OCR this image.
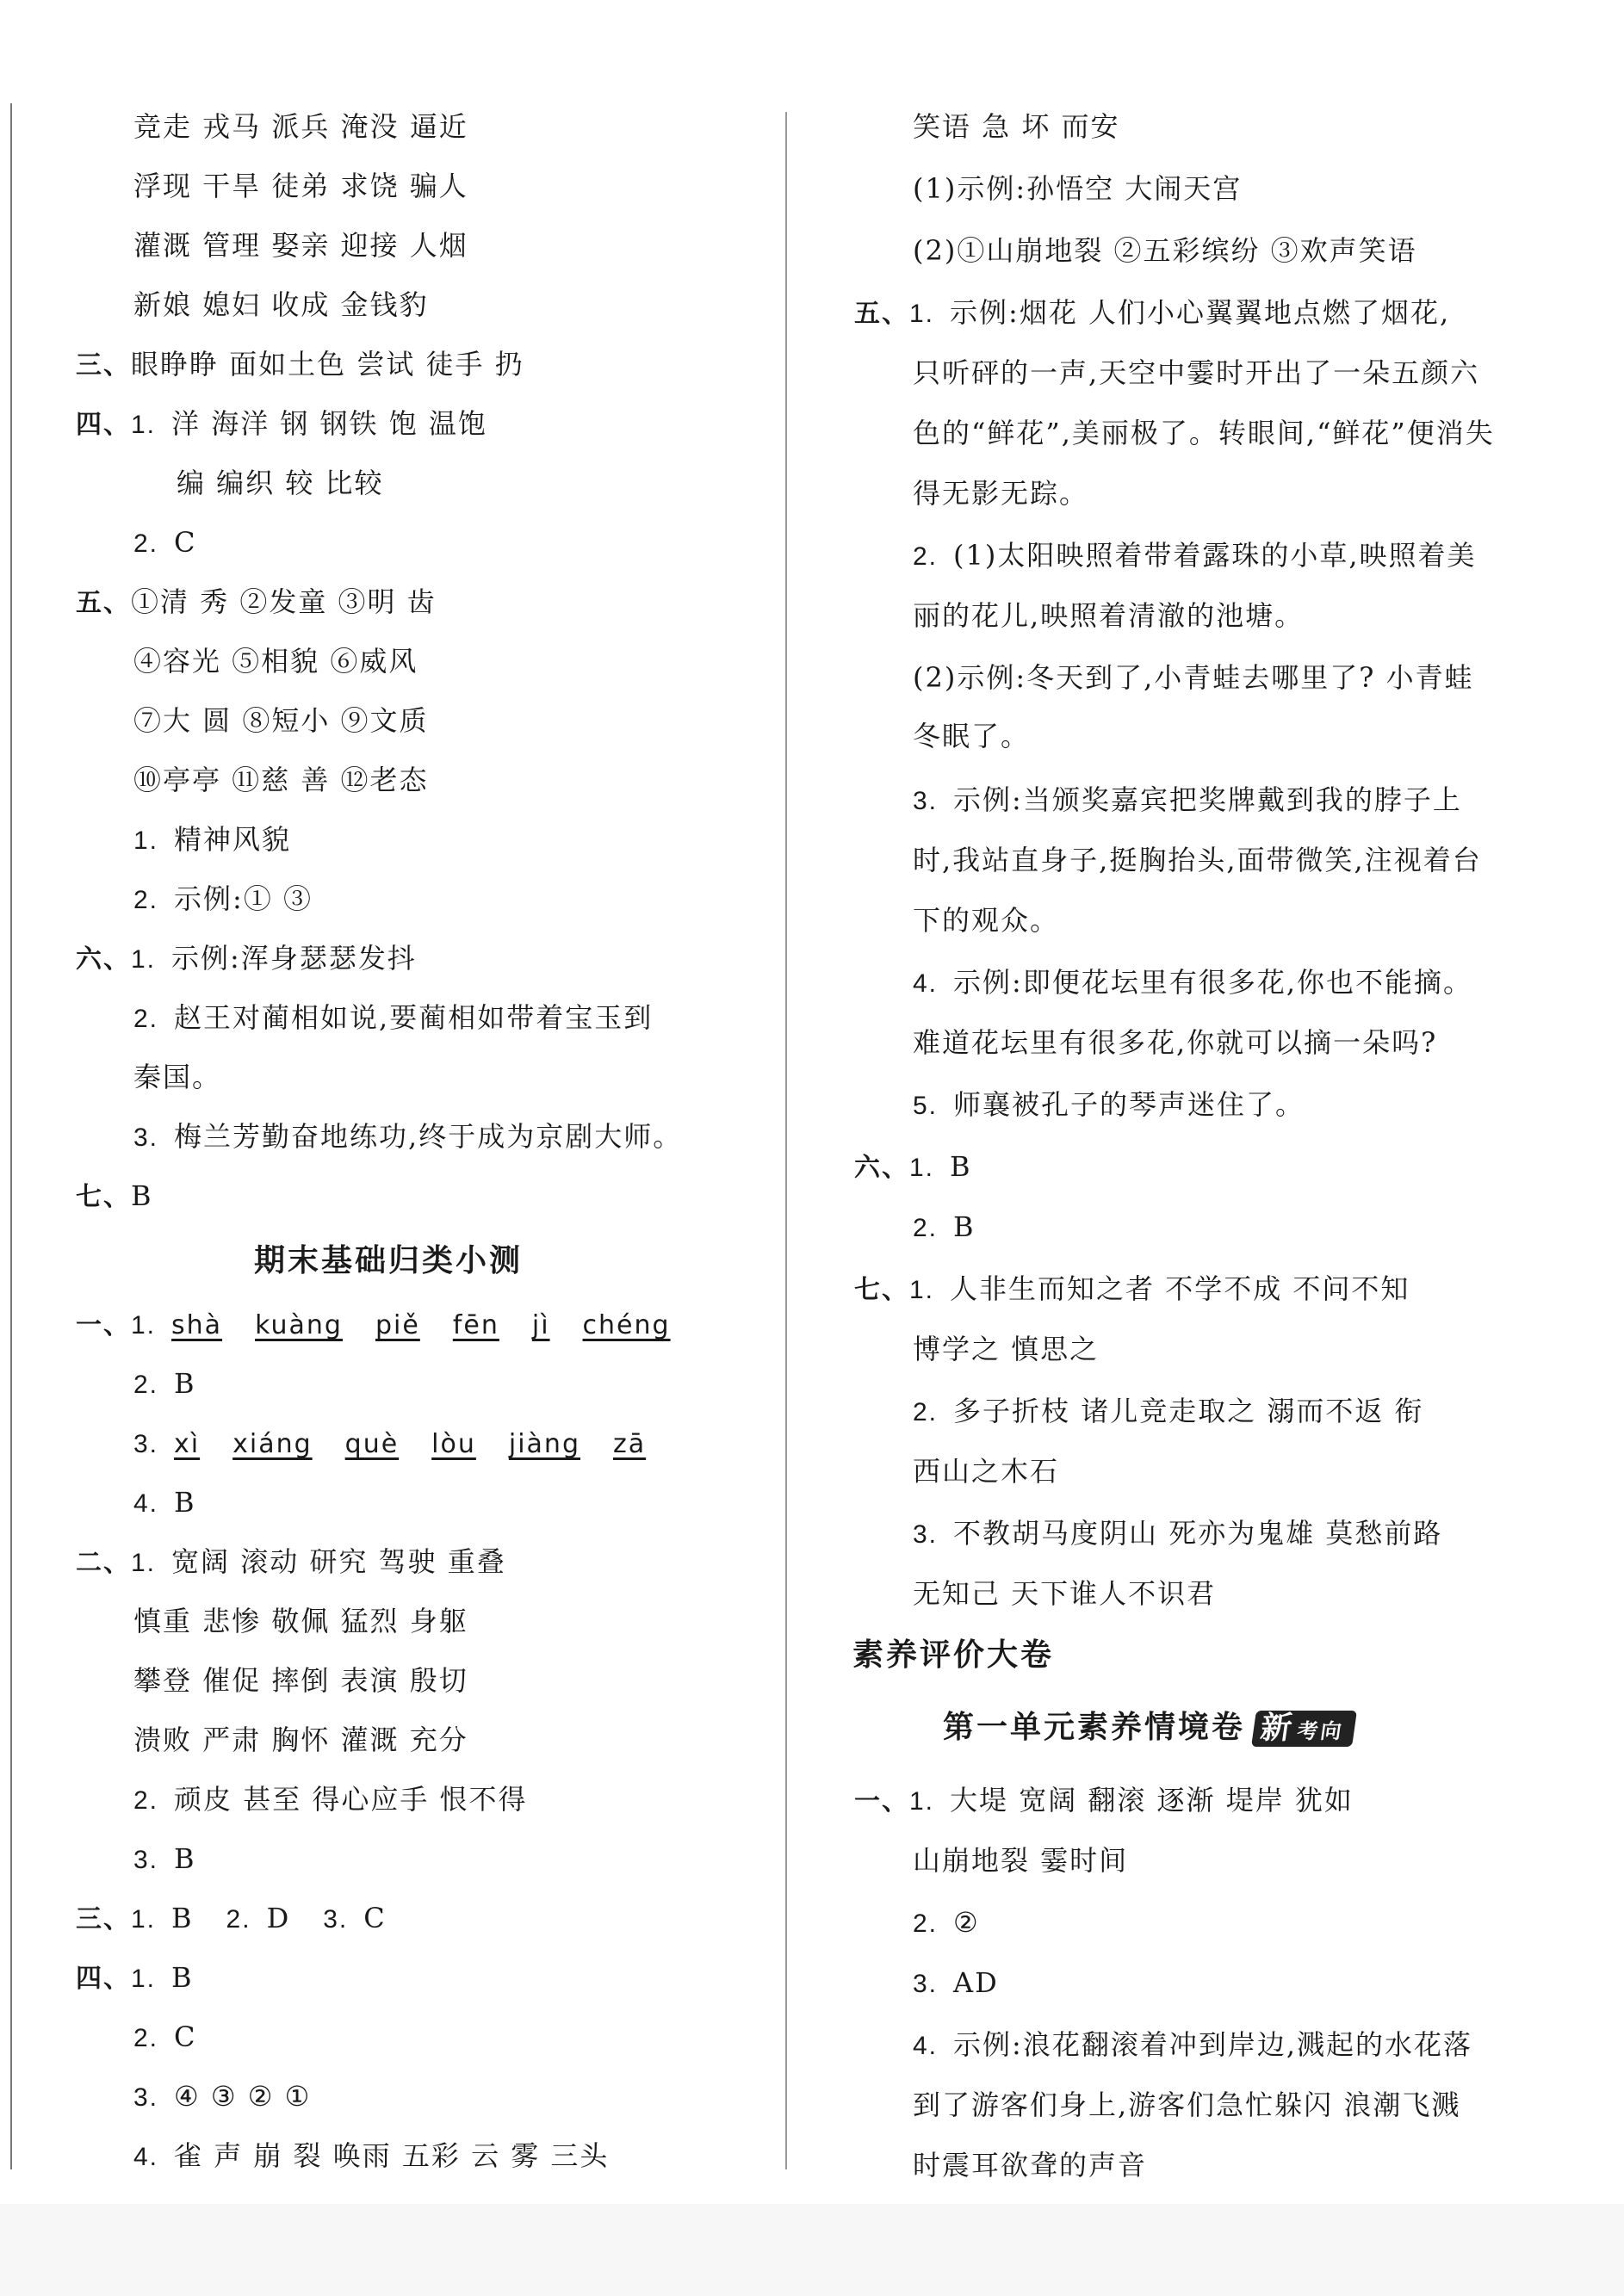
竞走 戎马 派兵 淹没 逼近
浮现 干旱 徒弟 求饶 骗人
灌溉 管理 娶亲 迎接 人烟
新娘 媳妇 收成 金钱豹
三、眼睁睁 面如土色 尝试 徒手 扔
四、1. 洋 海洋 钢 钢铁 饱 温饱
编 编织 较 比较
2. C
五、①清 秀 ②发童 ③明 齿
④容光 ⑤相貌 ⑥威风
⑦大 圆 ⑧短小 ⑨文质
⑩亭亭 ⑪慈 善 ⑫老态
1. 精神风貌
2. 示例:① ③
六、1. 示例:浑身瑟瑟发抖
2. 赵王对蔺相如说,要蔺相如带着宝玉到
秦国。
3. 梅兰芳勤奋地练功,终于成为京剧大师。
七、B
期末基础归类小测
一、1. shà kuàng piě fēn jì chéng
2. B
3. xì xiáng què lòu jiàng zā
4. B
二、1. 宽阔 滚动 研究 驾驶 重叠
慎重 悲惨 敬佩 猛烈 身躯
攀登 催促 摔倒 表演 殷切
溃败 严肃 胸怀 灌溉 充分
2. 顽皮 甚至 得心应手 恨不得
3. B
三、1. B 2. D 3. C
四、1. B
2. C
3. ④ ③ ② ①
4. 雀 声 崩 裂 唤雨 五彩 云 雾 三头
笑语 急 坏 而安
(1)示例:孙悟空 大闹天宫
(2)①山崩地裂 ②五彩缤纷 ③欢声笑语
五、1. 示例:烟花 人们小心翼翼地点燃了烟花,
只听砰的一声,天空中霎时开出了一朵五颜六
色的“鲜花”,美丽极了。转眼间,“鲜花”便消失
得无影无踪。
2. (1)太阳映照着带着露珠的小草,映照着美
丽的花儿,映照着清澈的池塘。
(2)示例:冬天到了,小青蛙去哪里了? 小青蛙
冬眠了。
3. 示例:当颁奖嘉宾把奖牌戴到我的脖子上
时,我站直身子,挺胸抬头,面带微笑,注视着台
下的观众。
4. 示例:即便花坛里有很多花,你也不能摘。
难道花坛里有很多花,你就可以摘一朵吗?
5. 师襄被孔子的琴声迷住了。
六、1. B
2. B
七、1. 人非生而知之者 不学不成 不问不知
博学之 慎思之
2. 多子折枝 诸儿竞走取之 溺而不返 衔
西山之木石
3. 不教胡马度阴山 死亦为鬼雄 莫愁前路
无知己 天下谁人不识君
素养评价大卷
第一单元素养情境卷 新考向
一、1. 大堤 宽阔 翻滚 逐渐 堤岸 犹如
山崩地裂 霎时间
2. ②
3. AD
4. 示例:浪花翻滚着冲到岸边,溅起的水花落
到了游客们身上,游客们急忙躲闪 浪潮飞溅
时震耳欲聋的声音
